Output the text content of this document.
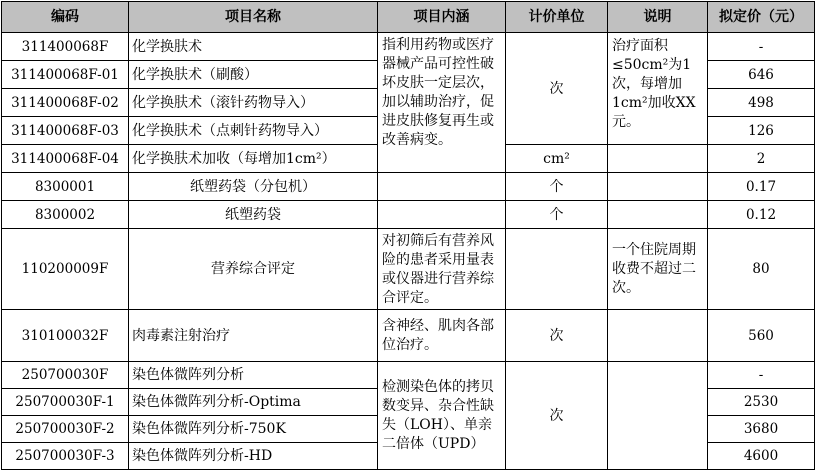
编码	项目名称	项目内涵	计价单位	说明	拟定价（元）
311400068F	化学换肤术	指利用药物或医疗器械产品可控性破坏皮肤一定层次，加以辅助治疗，促进皮肤修复再生或改善病变。	次	治疗面积≤50cm²为1次，每增加1cm²加收XX元。	-
311400068F-01	化学换肤术（刷酸）				646
311400068F-02	化学换肤术（滚针药物导入）				498
311400068F-03	化学换肤术（点刺针药物导入）				126
311400068F-04	化学换肤术加收（每增加1cm²）		cm²		2
8300001	纸塑药袋（分包机）		个		0.17
8300002	纸塑药袋		个		0.12
110200009F	营养综合评定	对初筛后有营养风险的患者采用量表或仪器进行营养综合评定。		一个住院周期收费不超过二次。	80
310100032F	肉毒素注射治疗	含神经、肌肉各部位治疗。	次		560
250700030F	染色体微阵列分析	检测染色体的拷贝数变异、杂合性缺失（LOH）、单亲二倍体（UPD）	次		-
250700030F-1	染色体微阵列分析-Optima				2530
250700030F-2	染色体微阵列分析-750K				3680
250700030F-3	染色体微阵列分析-HD				4600
